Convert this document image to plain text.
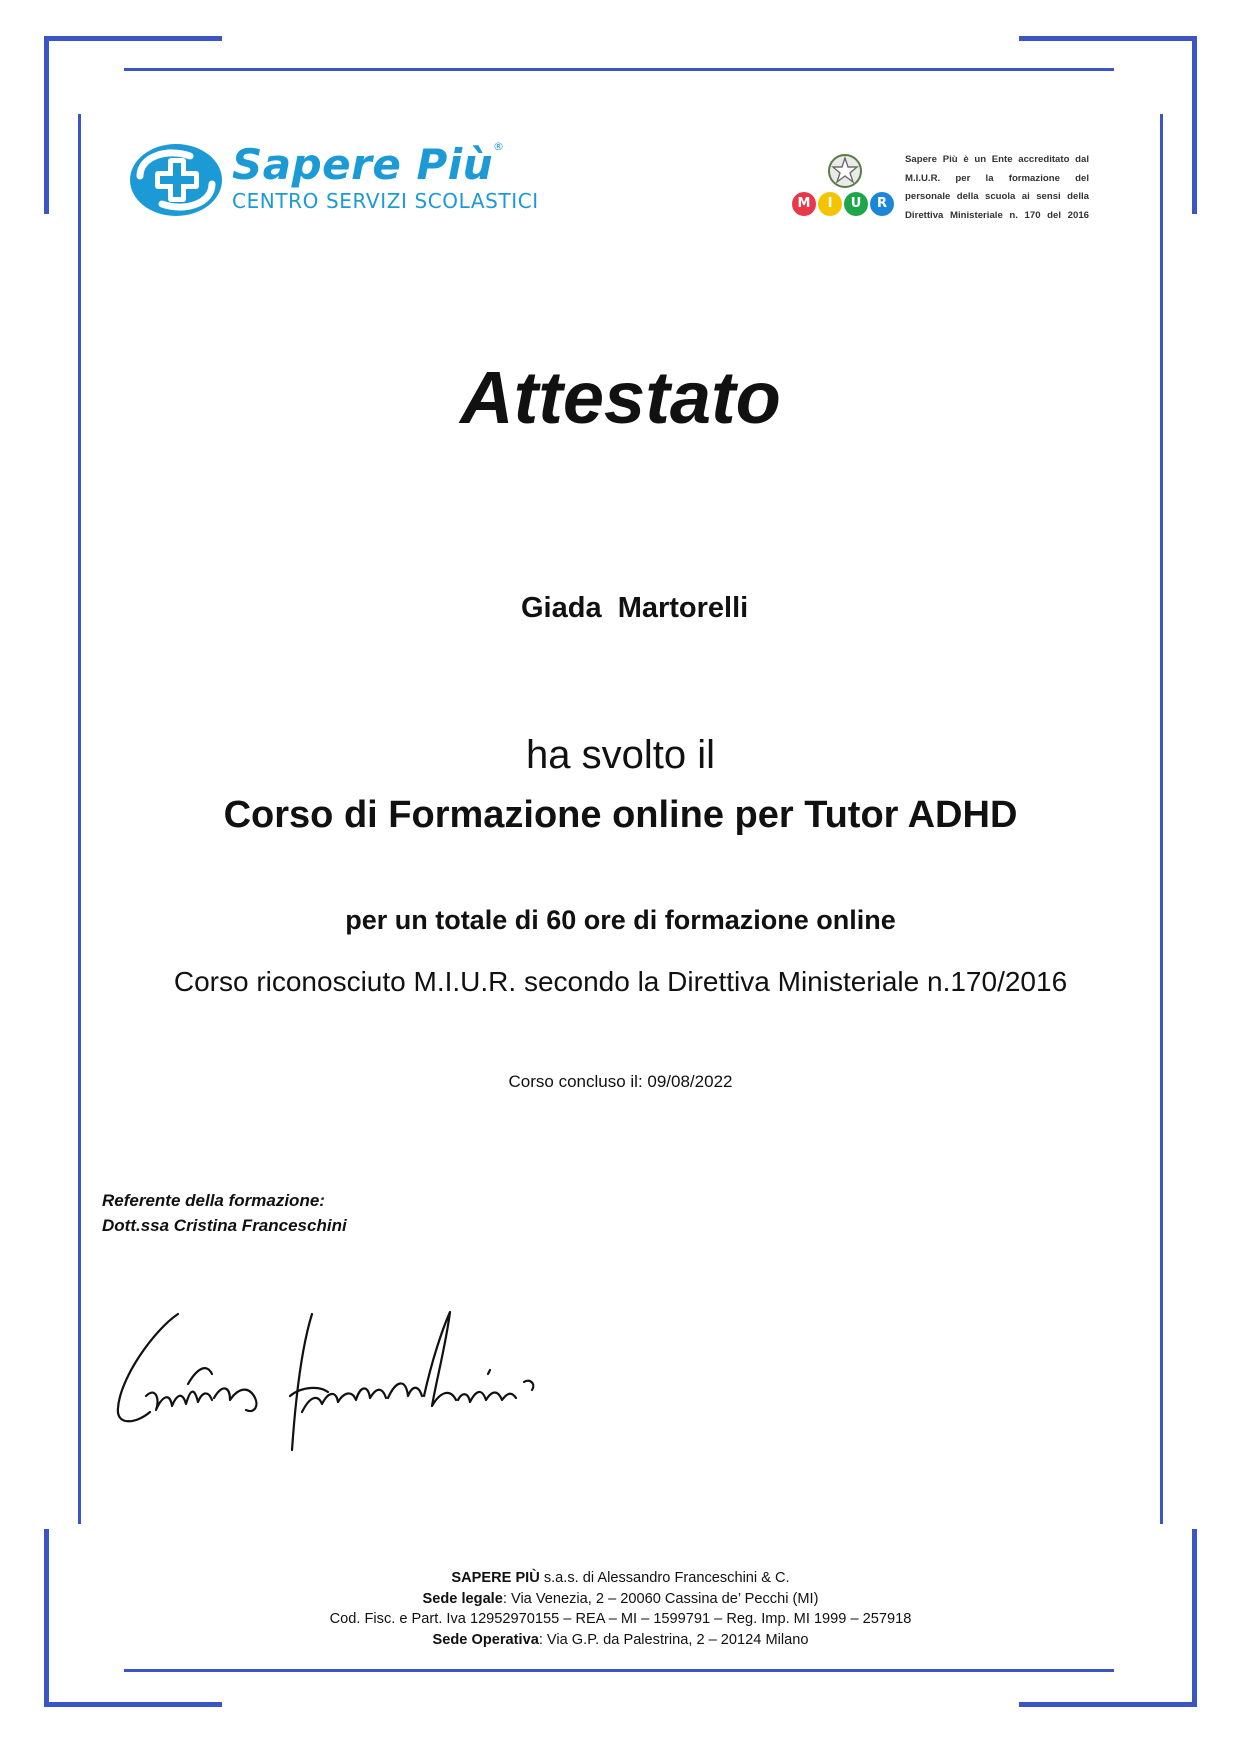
Sapere Più®
CENTRO SERVIZI SCOLASTICI	M	I	U	R
Sapere Più è un Ente accreditato dal
M.I.U.R. per la formazione del
personale della scuola ai sensi della
Direttiva Ministeriale n. 170 del 2016
Attestato
Giada  Martorelli
ha svolto il
Corso di Formazione online per Tutor ADHD
per un totale di 60 ore di formazione online
Corso riconosciuto M.I.U.R. secondo la Direttiva Ministeriale n.170/2016
Corso concluso il: 09/08/2022
Referente della formazione:
Dott.ssa Cristina Franceschini
SAPERE PIÙ s.a.s. di Alessandro Franceschini & C.
Sede legale: Via Venezia, 2 – 20060 Cassina de’ Pecchi (MI)
Cod. Fisc. e Part. Iva 12952970155 – REA – MI – 1599791 – Reg. Imp. MI 1999 – 257918
Sede Operativa: Via G.P. da Palestrina, 2 – 20124 Milano
